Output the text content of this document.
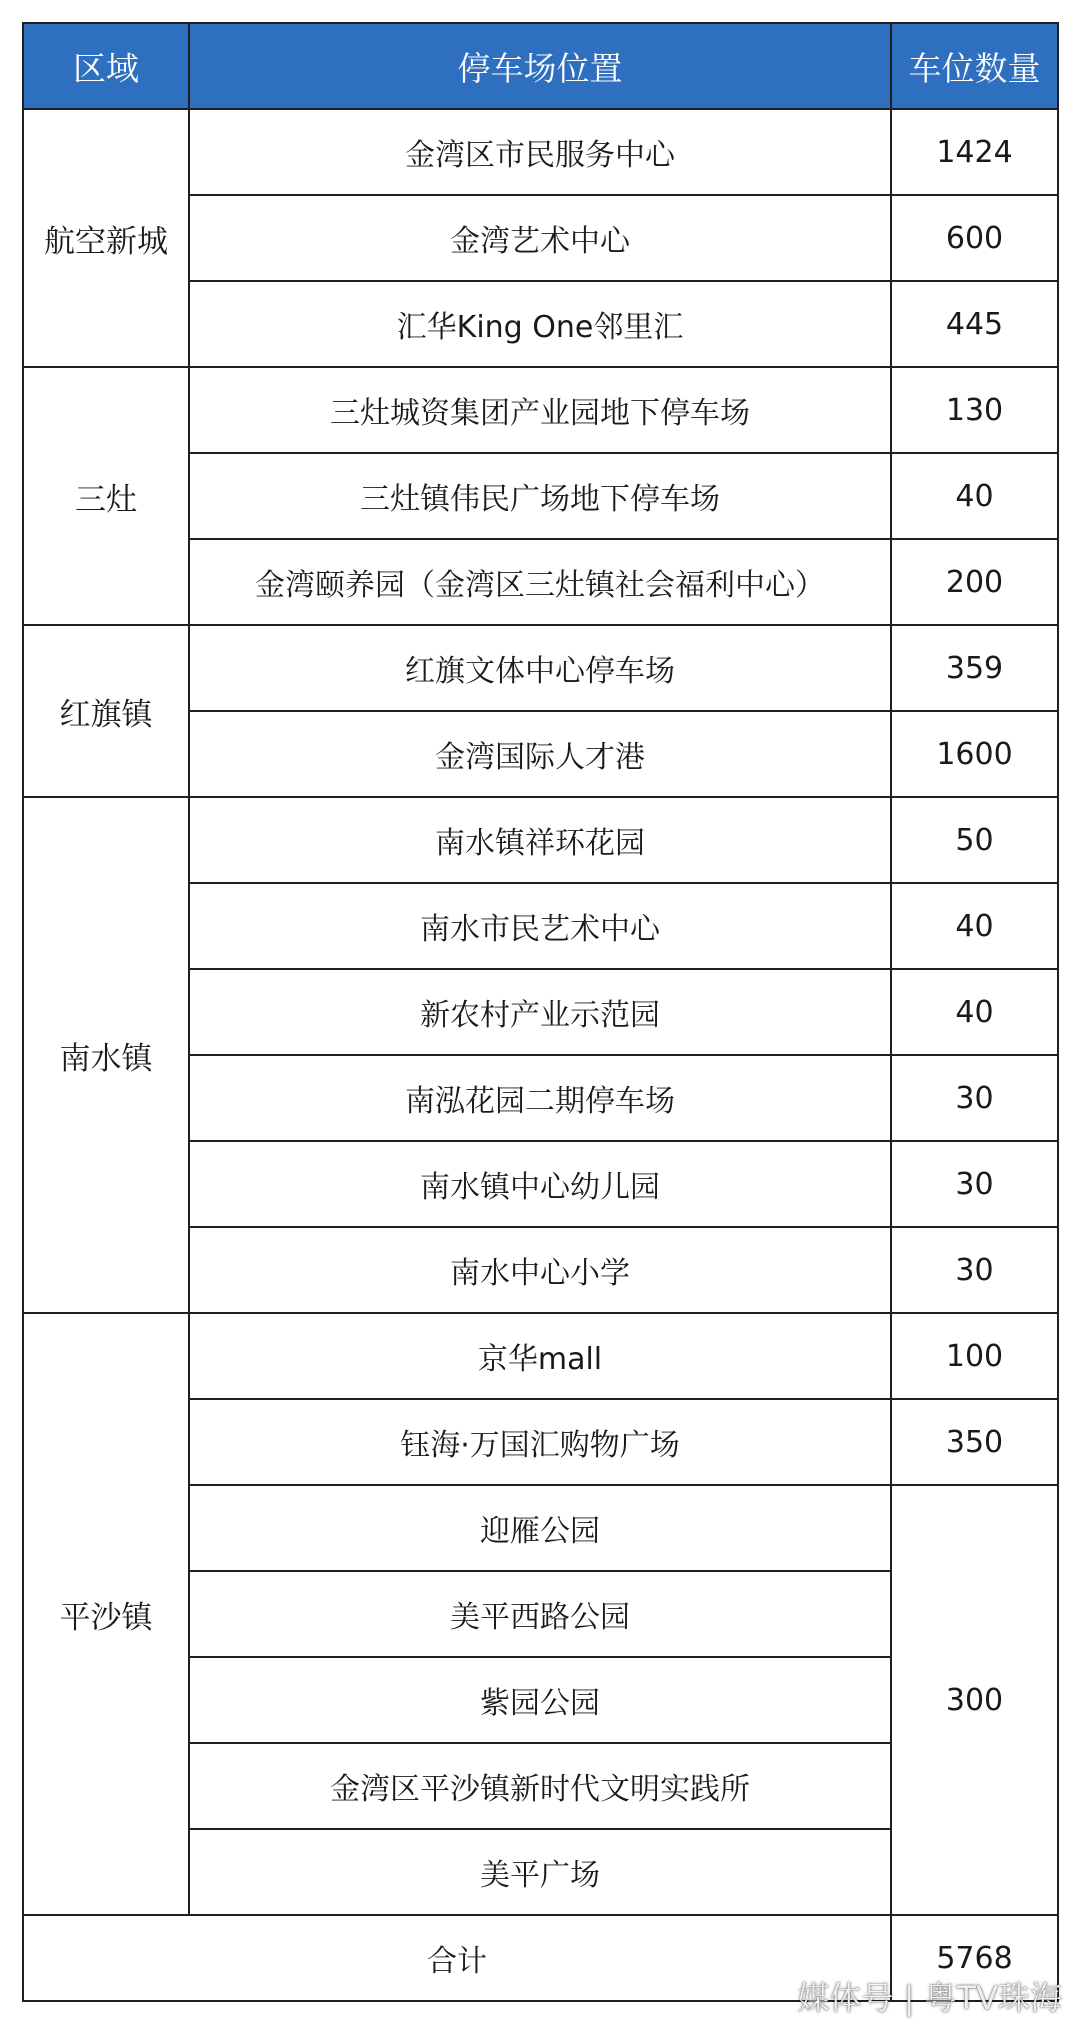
区域	停车场位置	车位数量
航空新城	金湾区市民服务中心	1424
	金湾艺术中心	600
	汇华King One邻里汇	445
三灶	三灶城资集团产业园地下停车场	130
	三灶镇伟民广场地下停车场	40
	金湾颐养园（金湾区三灶镇社会福利中心）	200
红旗镇	红旗文体中心停车场	359
	金湾国际人才港	1600
南水镇	南水镇祥环花园	50
	南水市民艺术中心	40
	新农村产业示范园	40
	南泓花园二期停车场	30
	南水镇中心幼儿园	30
	南水中心小学	30
平沙镇	京华mall	100
	钰海·万国汇购物广场	350
	迎雁公园	300
	美平西路公园	
	紫园公园	
	金湾区平沙镇新时代文明实践所	
	美平广场	
合计		5768
媒体号 | 粤TV珠海
